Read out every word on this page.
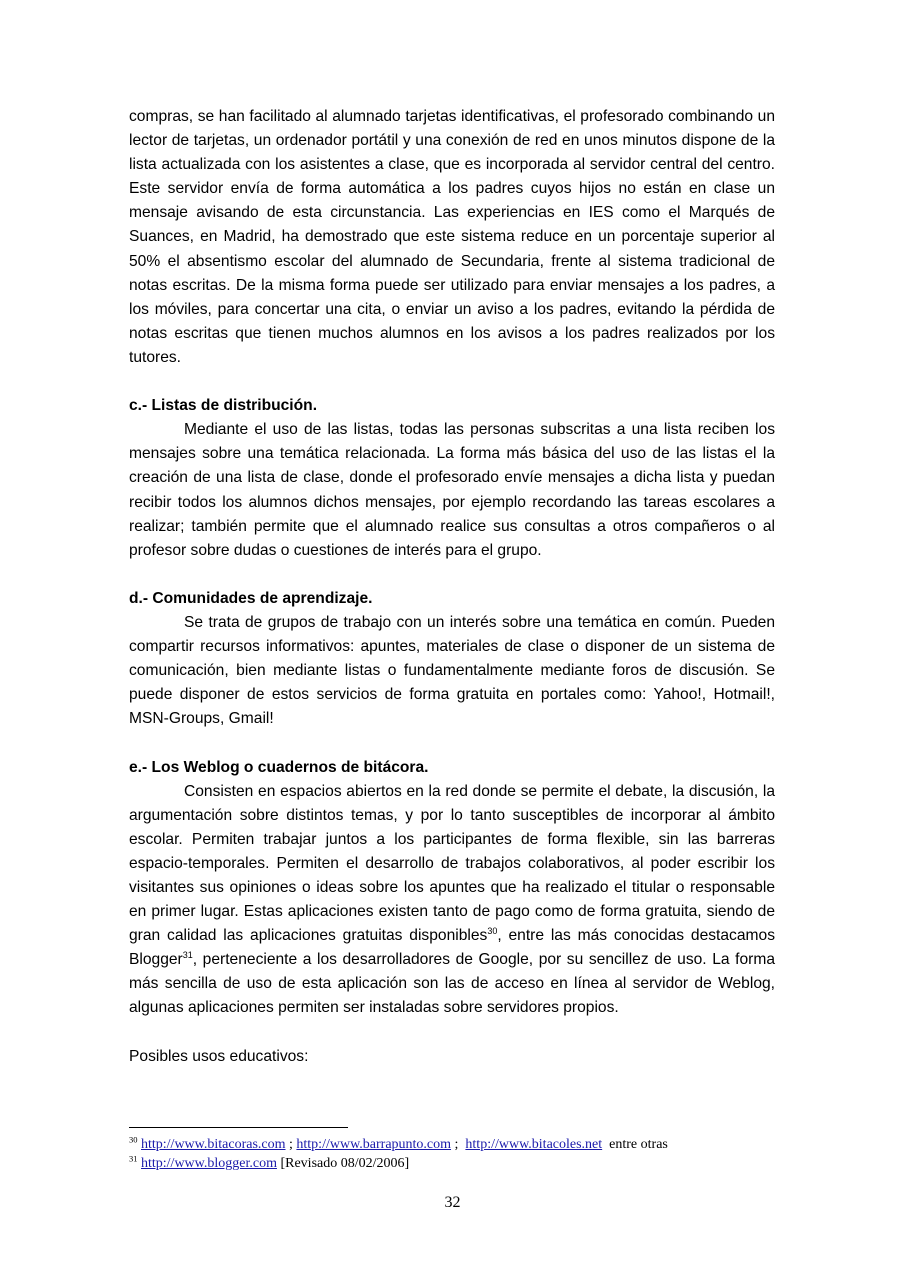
compras, se han facilitado al alumnado tarjetas identificativas, el profesorado combinando un lector de tarjetas, un ordenador portátil y una conexión de red en unos minutos dispone de la lista actualizada con los asistentes a clase, que es incorporada al servidor central del centro. Este servidor envía de forma automática a los padres cuyos hijos no están en clase un mensaje avisando de esta circunstancia. Las experiencias en IES como el Marqués de Suances, en Madrid, ha demostrado que este sistema reduce en un porcentaje superior al 50% el absentismo escolar del alumnado de Secundaria, frente al sistema tradicional de notas escritas. De la misma forma puede ser utilizado para enviar mensajes a los padres, a los móviles, para concertar una cita, o enviar un aviso a los padres, evitando la pérdida de notas escritas que tienen muchos alumnos en los avisos a los padres realizados por los tutores.

c.- Listas de distribución.

Mediante el uso de las listas, todas las personas subscritas a una lista reciben los mensajes sobre una temática relacionada. La forma más básica del uso de las listas el la creación de una lista de clase, donde el profesorado envíe mensajes a dicha lista y puedan recibir todos los alumnos dichos mensajes, por ejemplo recordando las tareas escolares a realizar; también permite que el alumnado realice sus consultas a otros compañeros o al profesor sobre dudas o cuestiones de interés para el grupo.

d.- Comunidades de aprendizaje.

Se trata de grupos de trabajo con un interés sobre una temática en común. Pueden compartir recursos informativos: apuntes, materiales de clase o disponer de un sistema de comunicación, bien mediante listas o fundamentalmente mediante foros de discusión. Se puede disponer de estos servicios de forma gratuita en portales como: Yahoo!, Hotmail!, MSN-Groups, Gmail!

e.- Los Weblog o cuadernos de bitácora.

Consisten en espacios abiertos en la red donde se permite el debate, la discusión, la argumentación sobre distintos temas, y por lo tanto susceptibles de incorporar al ámbito escolar. Permiten trabajar juntos a los participantes de forma flexible, sin las barreras espacio-temporales. Permiten el desarrollo de trabajos colaborativos, al poder escribir los visitantes sus opiniones o ideas sobre los apuntes que ha realizado el titular o responsable en primer lugar. Estas aplicaciones existen tanto de pago como de forma gratuita, siendo de gran calidad las aplicaciones gratuitas disponibles$^{30}$, entre las más conocidas destacamos Blogger$^{31}$, perteneciente a los desarrolladores de Google, por su sencillez de uso. La forma más sencilla de uso de esta aplicación son las de acceso en línea al servidor de Weblog, algunas aplicaciones permiten ser instaladas sobre servidores propios.

Posibles usos educativos:

$^{30}$ http://www.bitacoras.com ; http://www.barrapunto.com ;  http://www.bitacoles.net  entre otras
$^{31}$ http://www.blogger.com [Revisado 08/02/2006]
32
